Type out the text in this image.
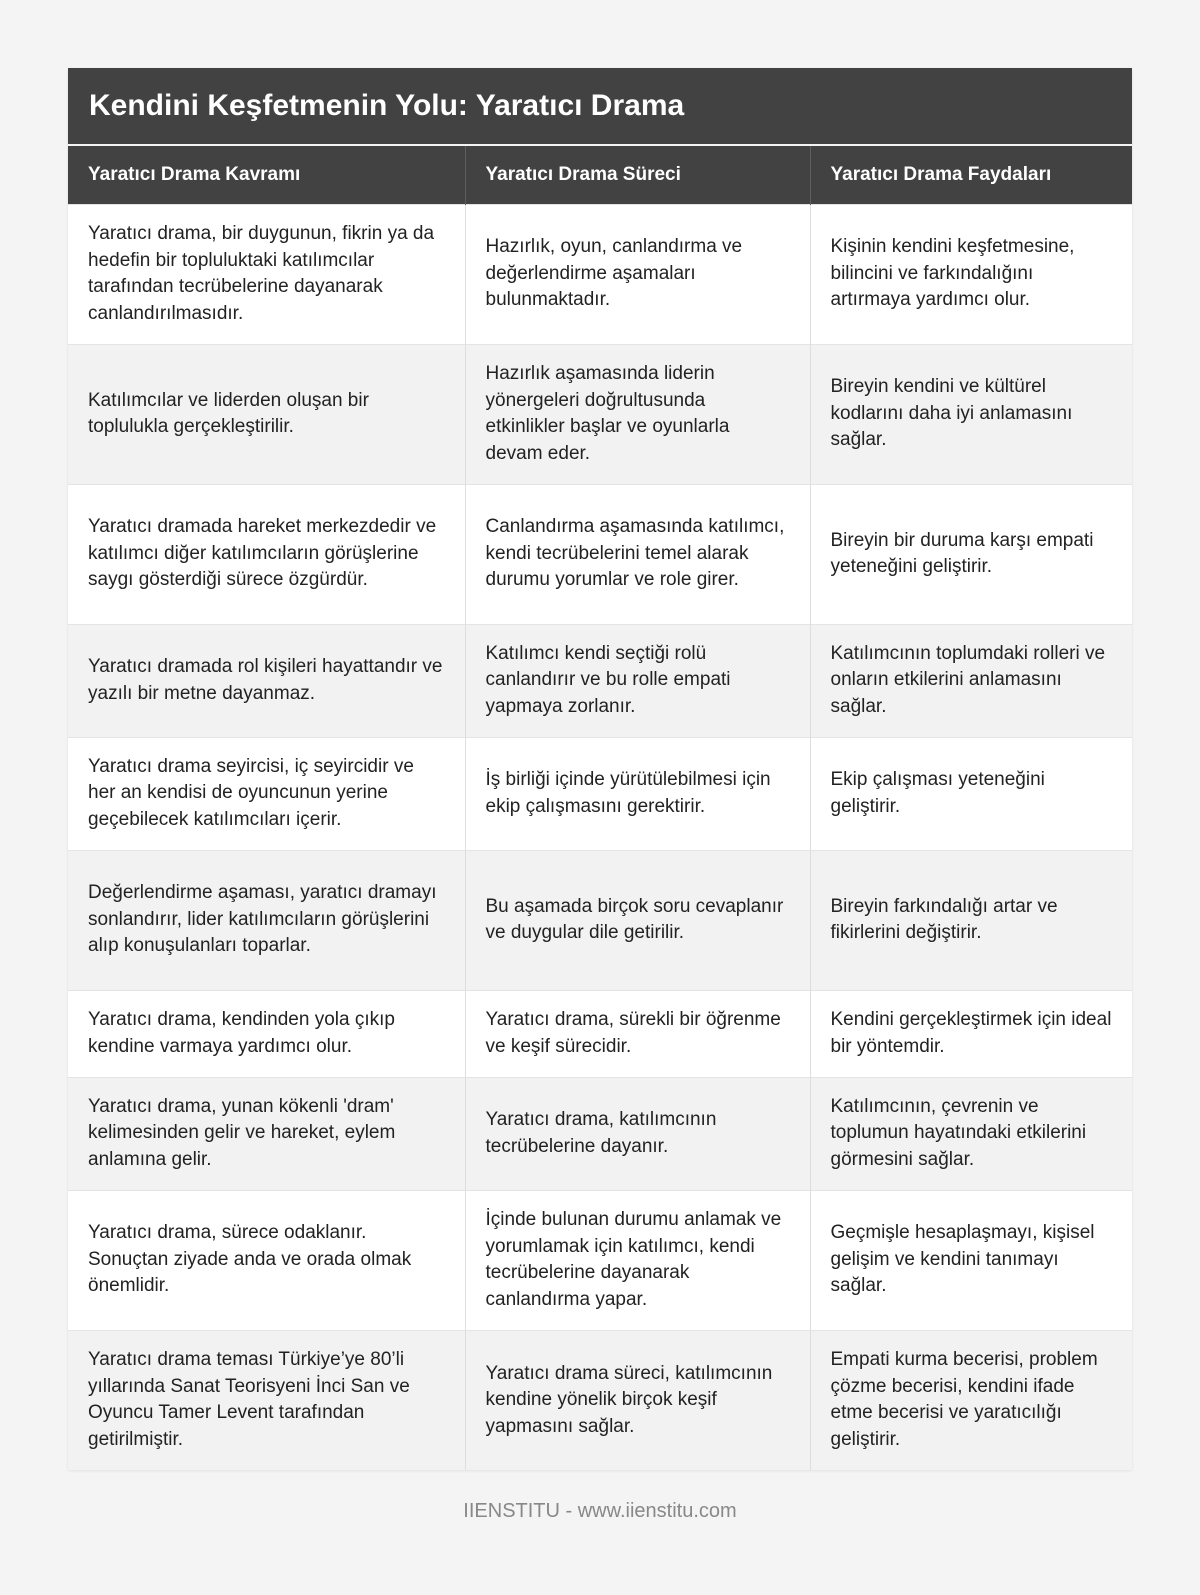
Kendini Keşfetmenin Yolu: Yaratıcı Drama
Yaratıcı Drama Kavramı	Yaratıcı Drama Süreci	Yaratıcı Drama Faydaları
Yaratıcı drama, bir duygunun, fikrin ya da hedefin bir topluluktaki katılımcılar tarafından tecrübelerine dayanarak canlandırılmasıdır.	Hazırlık, oyun, canlandırma ve değerlendirme aşamaları bulunmaktadır.	Kişinin kendini keşfetmesine, bilincini ve farkındalığını artırmaya yardımcı olur.
Katılımcılar ve liderden oluşan bir toplulukla gerçekleştirilir.	Hazırlık aşamasında liderin yönergeleri doğrultusunda etkinlikler başlar ve oyunlarla devam eder.	Bireyin kendini ve kültürel kodlarını daha iyi anlamasını sağlar.
Yaratıcı dramada hareket merkezdedir ve katılımcı diğer katılımcıların görüşlerine saygı gösterdiği sürece özgürdür.	Canlandırma aşamasında katılımcı, kendi tecrübelerini temel alarak durumu yorumlar ve role girer.	Bireyin bir duruma karşı empati yeteneğini geliştirir.
Yaratıcı dramada rol kişileri hayattandır ve yazılı bir metne dayanmaz.	Katılımcı kendi seçtiği rolü canlandırır ve bu rolle empati yapmaya zorlanır.	Katılımcının toplumdaki rolleri ve onların etkilerini anlamasını sağlar.
Yaratıcı drama seyircisi, iç seyircidir ve her an kendisi de oyuncunun yerine geçebilecek katılımcıları içerir.	İş birliği içinde yürütülebilmesi için ekip çalışmasını gerektirir.	Ekip çalışması yeteneğini geliştirir.
Değerlendirme aşaması, yaratıcı dramayı sonlandırır, lider katılımcıların görüşlerini alıp konuşulanları toparlar.	Bu aşamada birçok soru cevaplanır ve duygular dile getirilir.	Bireyin farkındalığı artar ve fikirlerini değiştirir.
Yaratıcı drama, kendinden yola çıkıp kendine varmaya yardımcı olur.	Yaratıcı drama, sürekli bir öğrenme ve keşif sürecidir.	Kendini gerçekleştirmek için ideal bir yöntemdir.
Yaratıcı drama, yunan kökenli 'dram' kelimesinden gelir ve hareket, eylem anlamına gelir.	Yaratıcı drama, katılımcının tecrübelerine dayanır.	Katılımcının, çevrenin ve toplumun hayatındaki etkilerini görmesini sağlar.
Yaratıcı drama, sürece odaklanır. Sonuçtan ziyade anda ve orada olmak önemlidir.	İçinde bulunan durumu anlamak ve yorumlamak için katılımcı, kendi tecrübelerine dayanarak canlandırma yapar.	Geçmişle hesaplaşmayı, kişisel gelişim ve kendini tanımayı sağlar.
Yaratıcı drama teması Türkiye’ye 80’li yıllarında Sanat Teorisyeni İnci San ve Oyuncu Tamer Levent tarafından getirilmiştir.	Yaratıcı drama süreci, katılımcının kendine yönelik birçok keşif yapmasını sağlar.	Empati kurma becerisi, problem çözme becerisi, kendini ifade etme becerisi ve yaratıcılığı geliştirir.
IIENSTITU - www.iienstitu.com
